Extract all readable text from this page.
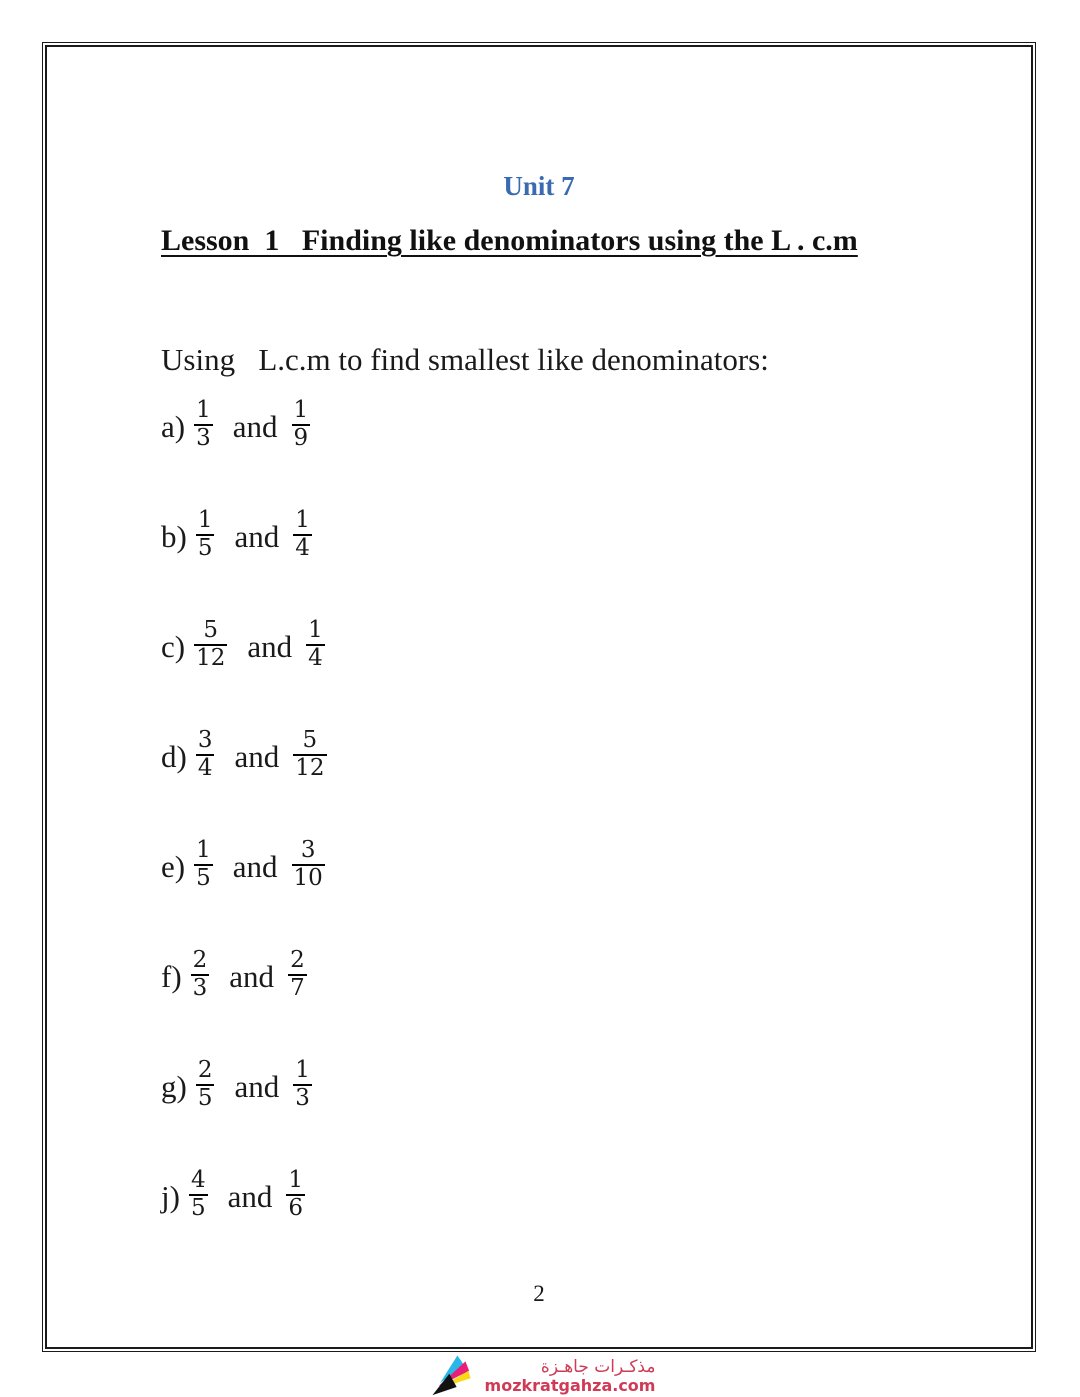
Unit 7
Lesson  1   Finding like denominators using the L . c.m
Using   L.c.m to find smallest like denominators:
$a) \frac{1}{3}$ and $\frac{1}{9}$
$b) \frac{1}{5}$ and $\frac{1}{4}$
$c) \frac{5}{12}$ and $\frac{1}{4}$
$d) \frac{3}{4}$ and $\frac{5}{12}$
$e) \frac{1}{5}$ and $\frac{3}{10}$
$f) \frac{2}{3}$ and $\frac{2}{7}$
$g) \frac{2}{5}$ and $\frac{1}{3}$
$j) \frac{4}{5}$ and $\frac{1}{6}$
2
مذكـرات جاهـزة
mozkratgahza.com
